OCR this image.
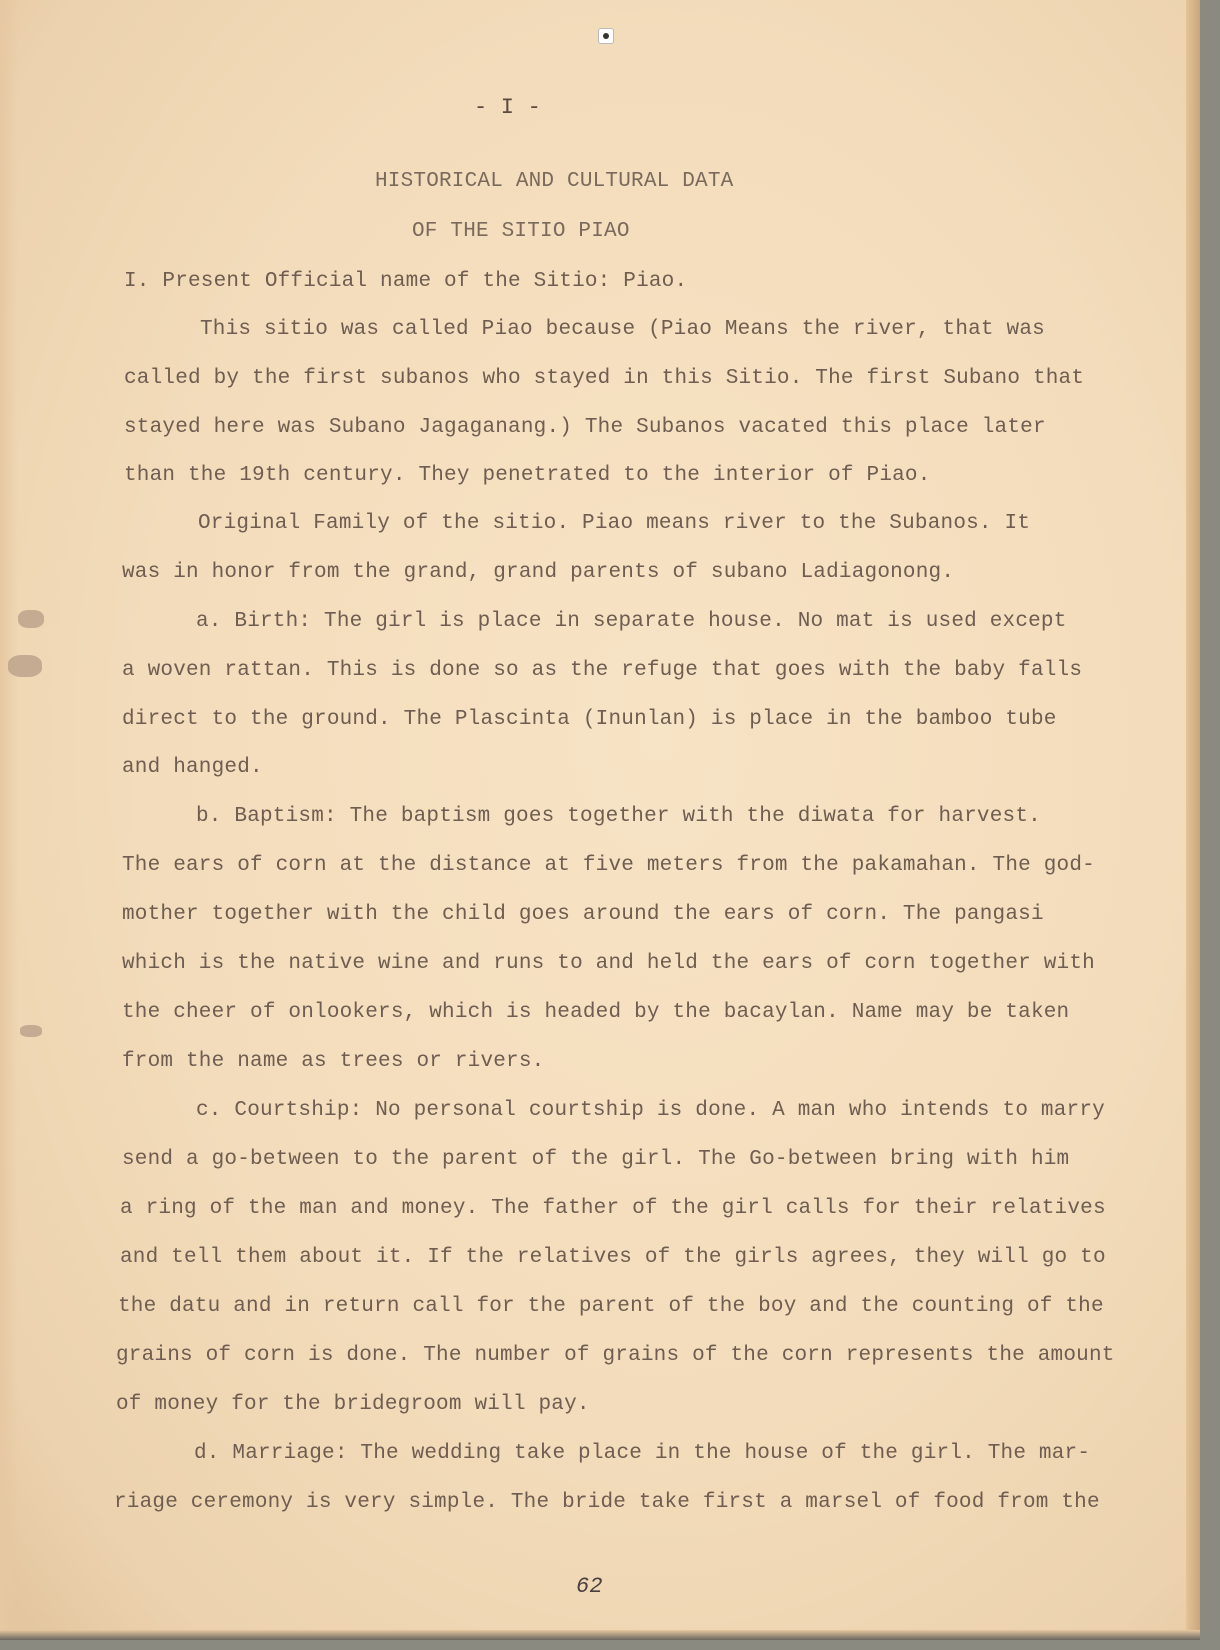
- I -

HISTORICAL AND CULTURAL DATA

OF THE SITIO PIAO

I. Present Official name of the Sitio: Piao.

This sitio was called Piao because (Piao Means the river, that was

called by the first subanos who stayed in this Sitio. The first Subano that

stayed here was Subano Jagaganang.) The Subanos vacated this place later

than the 19th century. They penetrated to the interior of Piao.

Original Family of the sitio. Piao means river to the Subanos. It

was in honor from the grand, grand parents of subano Ladiagonong.

a. Birth: The girl is place in separate house. No mat is used except

a woven rattan. This is done so as the refuge that goes with the baby falls

direct to the ground. The Plascinta (Inunlan) is place in the bamboo tube

and hanged.

b. Baptism: The baptism goes together with the diwata for harvest.

The ears of corn at the distance at five meters from the pakamahan. The god-

mother together with the child goes around the ears of corn. The pangasi

which is the native wine and runs to and held the ears of corn together with

the cheer of onlookers, which is headed by the bacaylan. Name may be taken

from the name as trees or rivers.

c. Courtship: No personal courtship is done. A man who intends to marry

send a go-between to the parent of the girl. The Go-between bring with him

a ring of the man and money. The father of the girl calls for their relatives

and tell them about it. If the relatives of the girls agrees, they will go to

the datu and in return call for the parent of the boy and the counting of the

grains of corn is done. The number of grains of the corn represents the amount

of money for the bridegroom will pay.

d. Marriage: The wedding take place in the house of the girl. The mar-

riage ceremony is very simple. The bride take first a marsel of food from the

62
